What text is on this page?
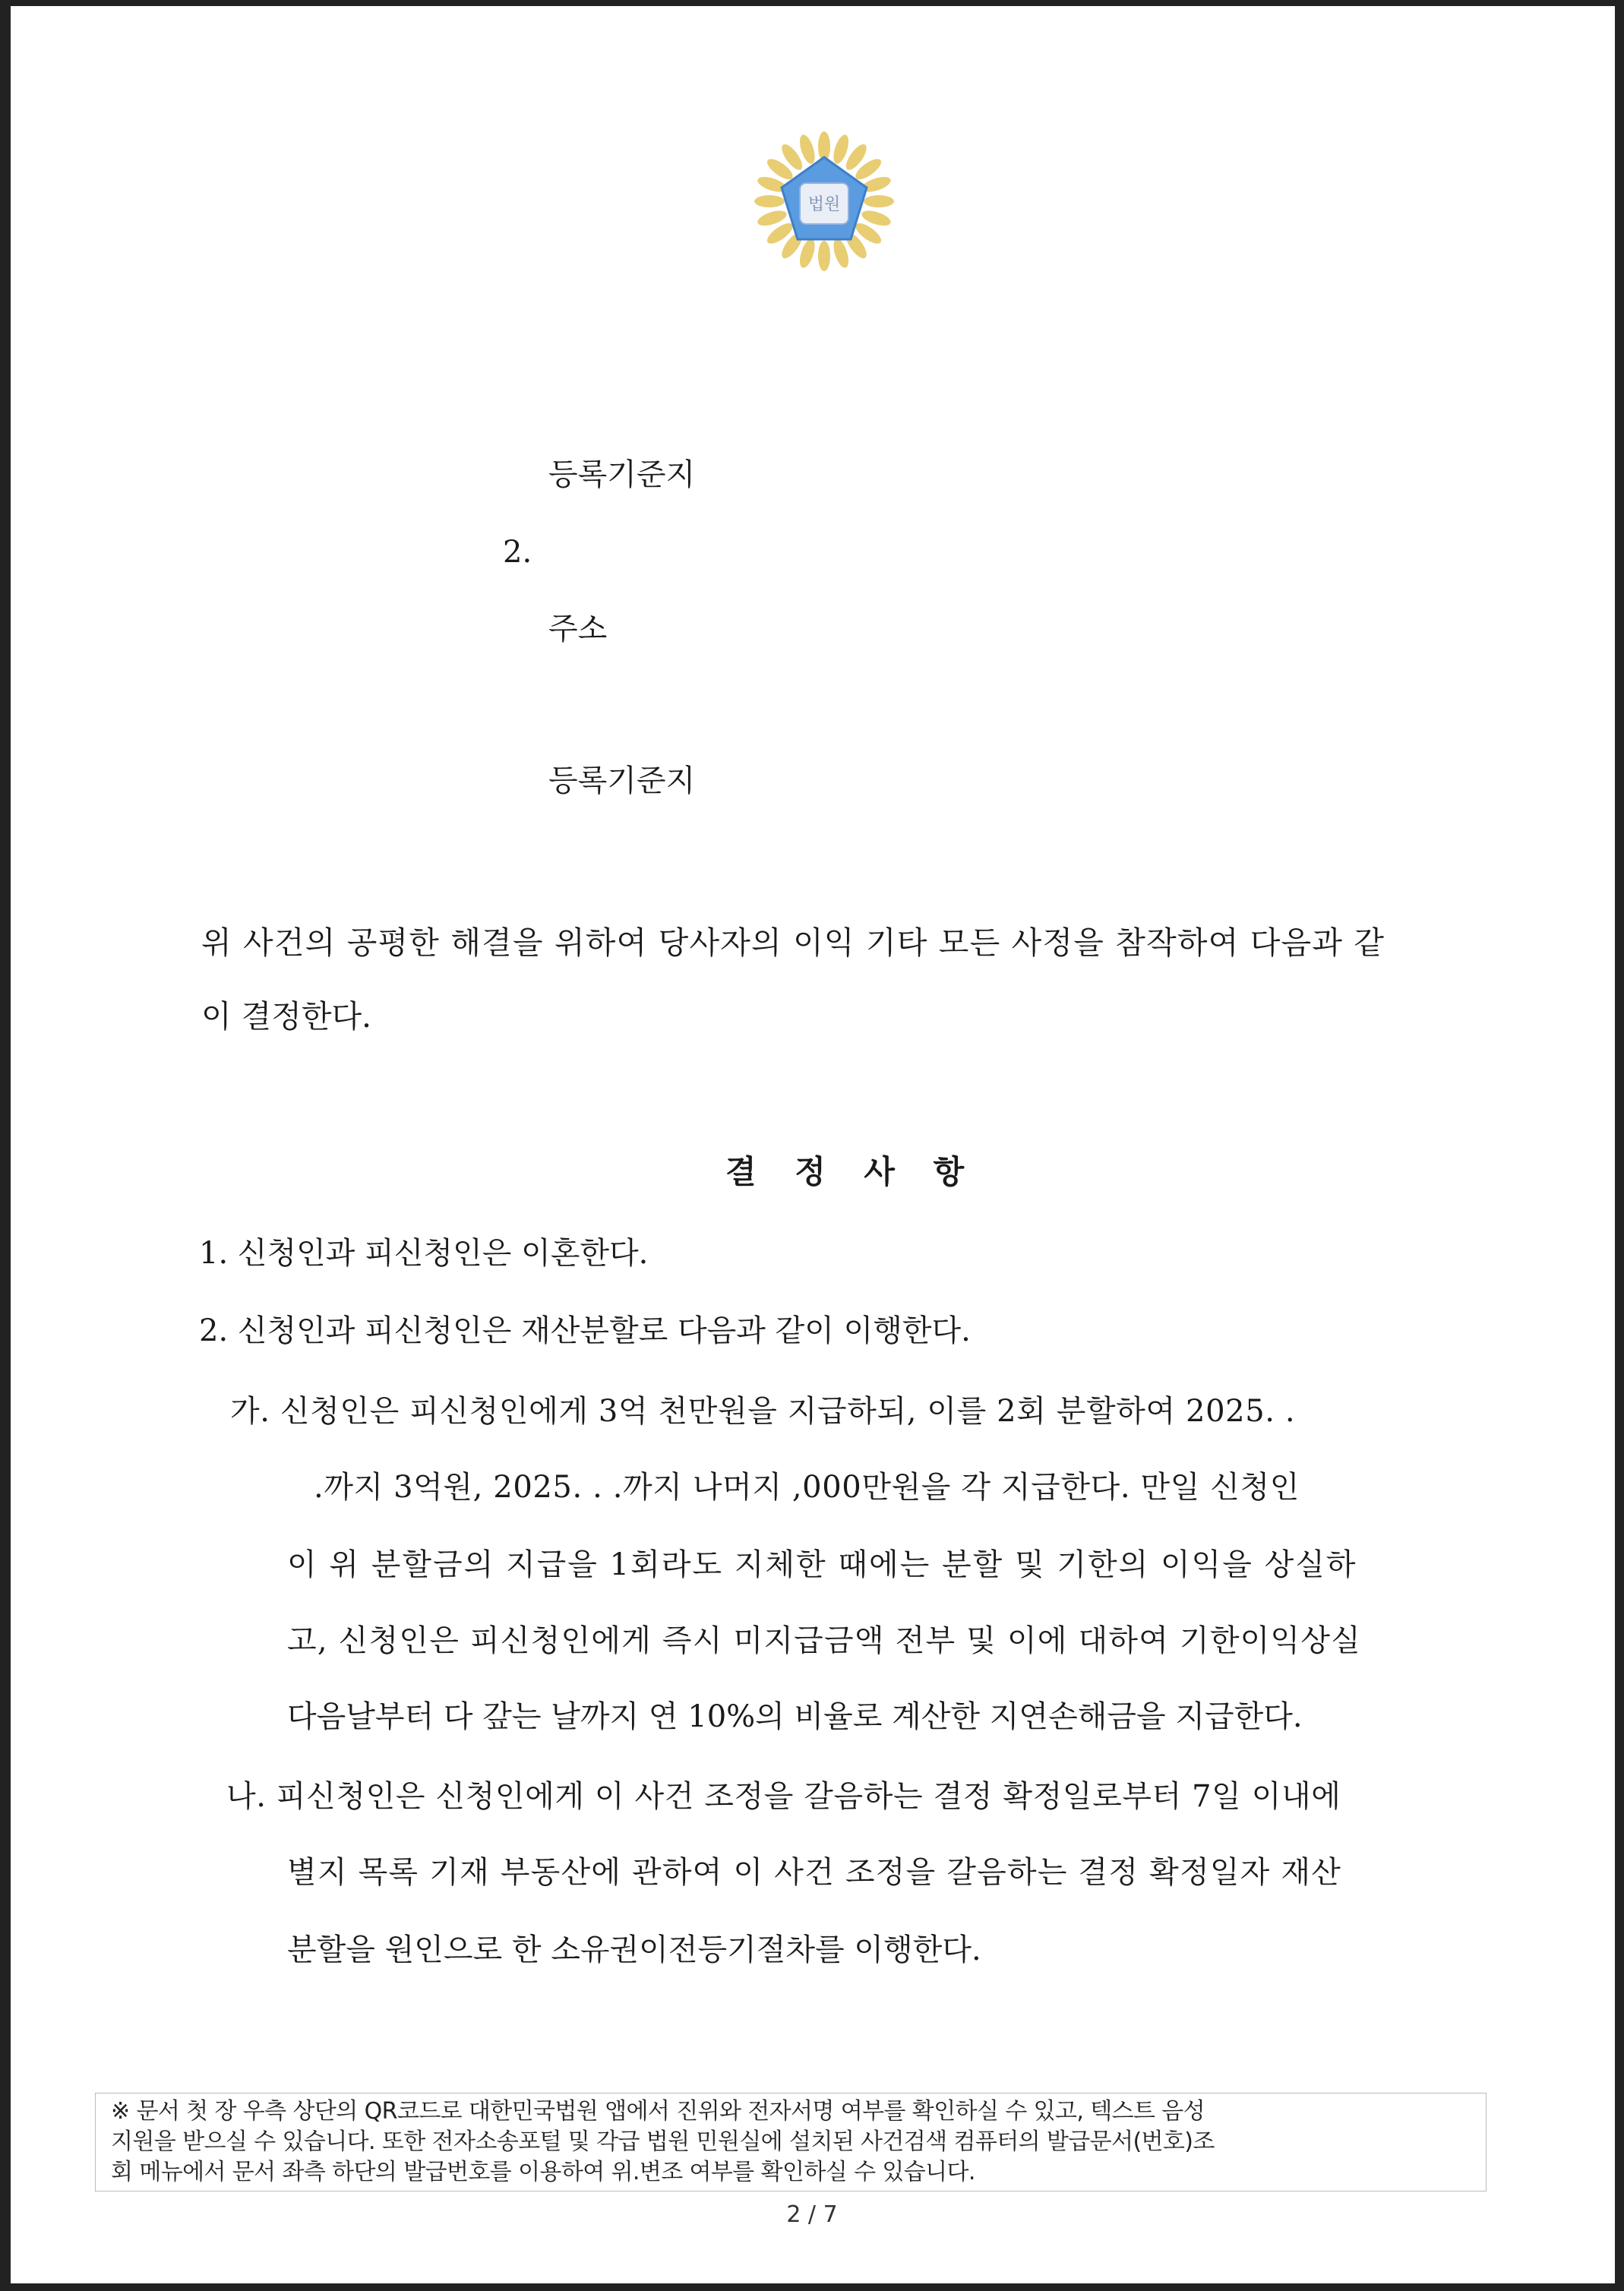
법원
등록기준지
2.
주소
등록기준지
위 사건의 공평한 해결을 위하여 당사자의 이익 기타 모든 사정을 참작하여 다음과 같
이 결정한다.
결 정 사 항
1. 신청인과 피신청인은 이혼한다.
2. 신청인과 피신청인은 재산분할로 다음과 같이 이행한다.
가. 신청인은 피신청인에게 3억 천만원을 지급하되, 이를 2회 분할하여 2025. .
.까지 3억원, 2025. . .까지 나머지 ,000만원을 각 지급한다. 만일 신청인
이 위 분할금의 지급을 1회라도 지체한 때에는 분할 및 기한의 이익을 상실하
고, 신청인은 피신청인에게 즉시 미지급금액 전부 및 이에 대하여 기한이익상실
다음날부터 다 갚는 날까지 연 10%의 비율로 계산한 지연손해금을 지급한다.
나. 피신청인은 신청인에게 이 사건 조정을 갈음하는 결정 확정일로부터 7일 이내에
별지 목록 기재 부동산에 관하여 이 사건 조정을 갈음하는 결정 확정일자 재산
분할을 원인으로 한 소유권이전등기절차를 이행한다.
※ 문서 첫 장 우측 상단의 QR코드로 대한민국법원 앱에서 진위와 전자서명 여부를 확인하실 수 있고, 텍스트 음성
지원을 받으실 수 있습니다. 또한 전자소송포털 및 각급 법원 민원실에 설치된 사건검색 컴퓨터의 발급문서(번호)조
회 메뉴에서 문서 좌측 하단의 발급번호를 이용하여 위.변조 여부를 확인하실 수 있습니다.
2 / 7
